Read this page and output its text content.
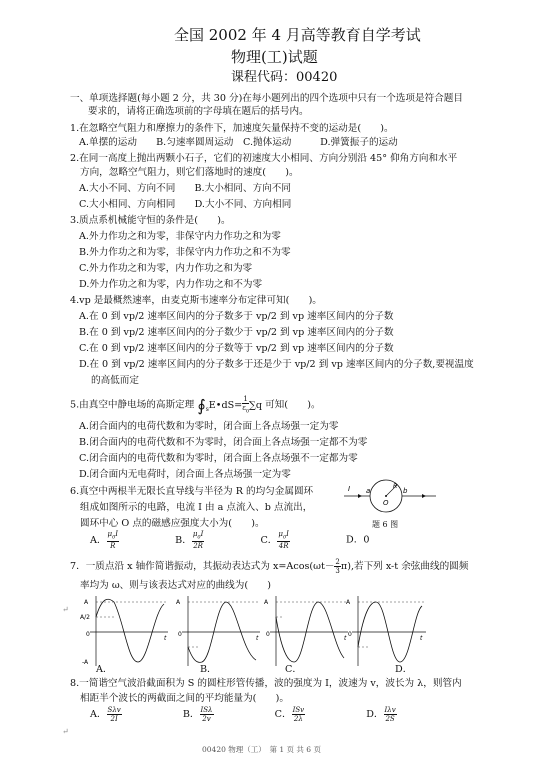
全国 2002 年 4 月高等教育自学考试
物理(工)试题
课程代码：00420
一、单项选择题(每小题 2 分，共 30 分)在每小题列出的四个选项中只有一个选项是符合题目
要求的，请将正确选项前的字母填在题后的括号内。
1.在忽略空气阻力和摩擦力的条件下，加速度矢量保持不变的运动是(　　)。
A.单摆的运动　　B.匀速率圆周运动　C.抛体运动　　　D.弹簧振子的运动
2.在同一高度上抛出两颗小石子，它们的初速度大小相同、方向分别沿 45° 仰角方向和水平
方向，忽略空气阻力，则它们落地时的速度(　　)。
A.大小不同、方向不同　　B.大小相同、方向不同
C.大小相同、方向相同　　D.大小不同、方向相同
3.质点系机械能守恒的条件是(　　)。
A.外力作功之和为零，非保守内力作功之和为零
B.外力作功之和为零，非保守内力作功之和不为零
C.外力作功之和为零，内力作功之和为零
D.外力作功之和为零，内力作功之和不为零
4.vp 是最概然速率，由麦克斯韦速率分布定律可知(　　)。
A.在 0 到 vp/2 速率区间内的分子数多于 vp/2 到 vp 速率区间内的分子数
B.在 0 到 vp/2 速率区间内的分子数少于 vp/2 到 vp 速率区间内的分子数
C.在 0 到 vp/2 速率区间内的分子数等于 vp/2 到 vp 速率区间内的分子数
D.在 0 到 vp/2 速率区间内的分子数多于还是少于 vp/2 到 vp 速率区间内的分子数,要视温度
的高低而定
5.由真空中静电场的高斯定理 $∮_sE•dS= \frac{1}{\varepsilon_0} \sum q$ 可知(　　)。
A.闭合面内的电荷代数和为零时，闭合面上各点场强一定为零
B.闭合面内的电荷代数和不为零时，闭合面上各点场强一定都不为零
C.闭合面内的电荷代数和为零时，闭合面上各点场强不一定都为零
D.闭合面内无电荷时，闭合面上各点场强一定为零
6.真空中两根半无限长直导线与半径为 R 的均匀金属圆环
组成如图所示的电路，电流 I 由 a 点流入、b 点流出，
圆环中心 O 点的磁感应强度大小为(　　)。
I a	b
O
R
题 6 图
A． $\frac{\mu_0I}{R}$	B． $\frac{\mu_0I}{2R}$	C． $\frac{\mu_0I}{4R}$	D．0
7．一质点沿 x 轴作简谐振动，其振动表达式为 $x=Acos(\omega t- \frac{2}{3} \pi)$,若下列 x-t 余弦曲线的圆频
率均为 ω、则与该表达式对应的曲线为(　　)
A
A/2
0
-A
t
A
0
t
A
0
t
A
0
t
A．	B．	C．	D．
8.一简谐空气波沿截面积为 S 的圆柱形管传播，波的强度为 I，波速为 v，波长为 λ，则管内
相距半个波长的两截面之间的平均能量为(　　)。
A． $\frac{\text{Sλv}}{2I}$	B． $\frac{\text{ISλ}}{2v}$	C． $\frac{\text{ISv}}{2\lambda}$	D． $\frac{\text{Iλv}}{2S}$
00420 物理（工）　第 1 页 共 6 页
↵
↵
